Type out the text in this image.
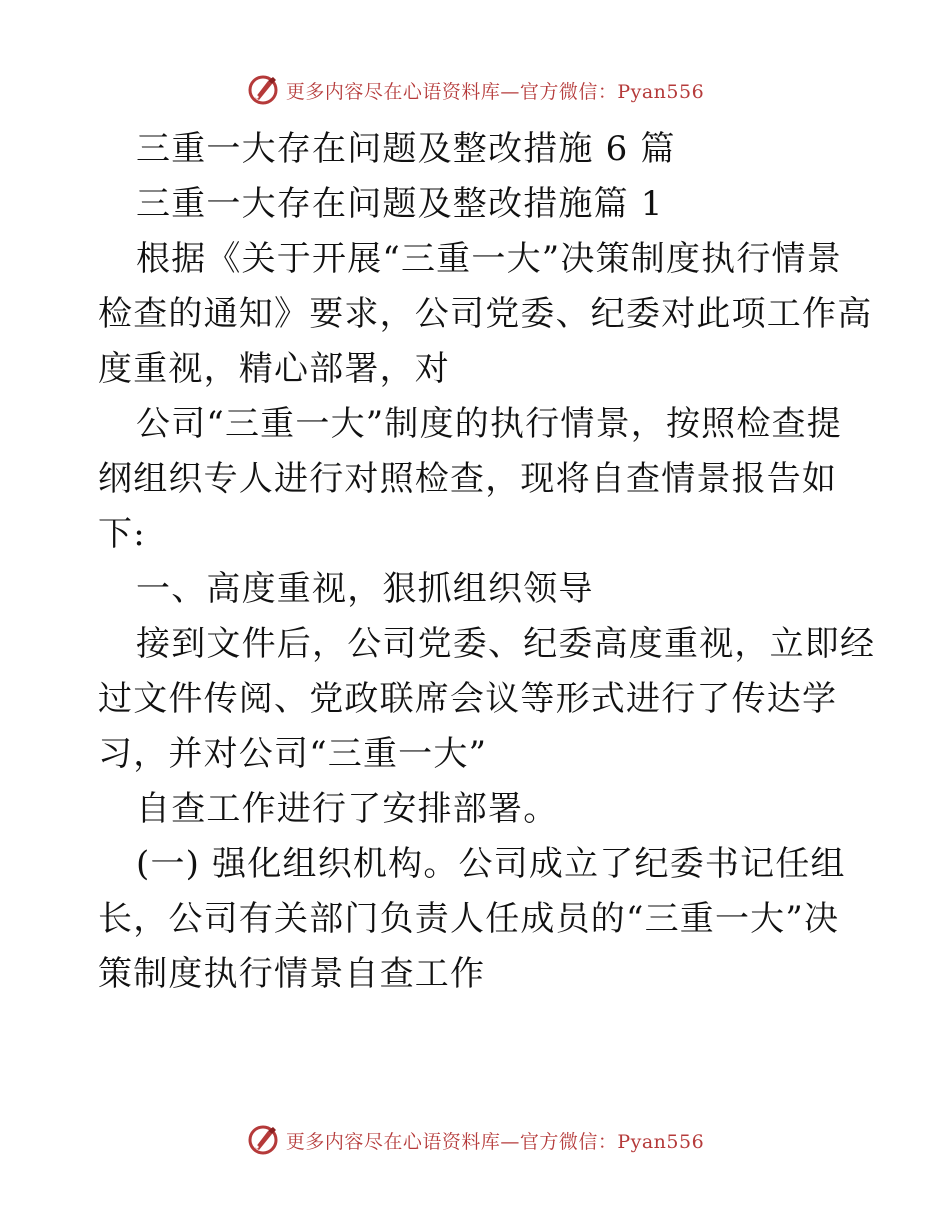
更多内容尽在心语资料库—官方微信：Pyan556
三重一大存在问题及整改措施 6 篇
三重一大存在问题及整改措施篇 1
根据《关于开展“三重一大”决策制度执行情景
检查的通知》要求，公司党委、纪委对此项工作高
度重视，精心部署，对
公司“三重一大”制度的执行情景，按照检查提
纲组织专人进行对照检查，现将自查情景报告如
下:
一、高度重视，狠抓组织领导
接到文件后，公司党委、纪委高度重视，立即经
过文件传阅、党政联席会议等形式进行了传达学
习，并对公司“三重一大”
自查工作进行了安排部署。
(一) 强化组织机构。公司成立了纪委书记任组
长，公司有关部门负责人任成员的“三重一大”决
策制度执行情景自查工作
更多内容尽在心语资料库—官方微信：Pyan556
